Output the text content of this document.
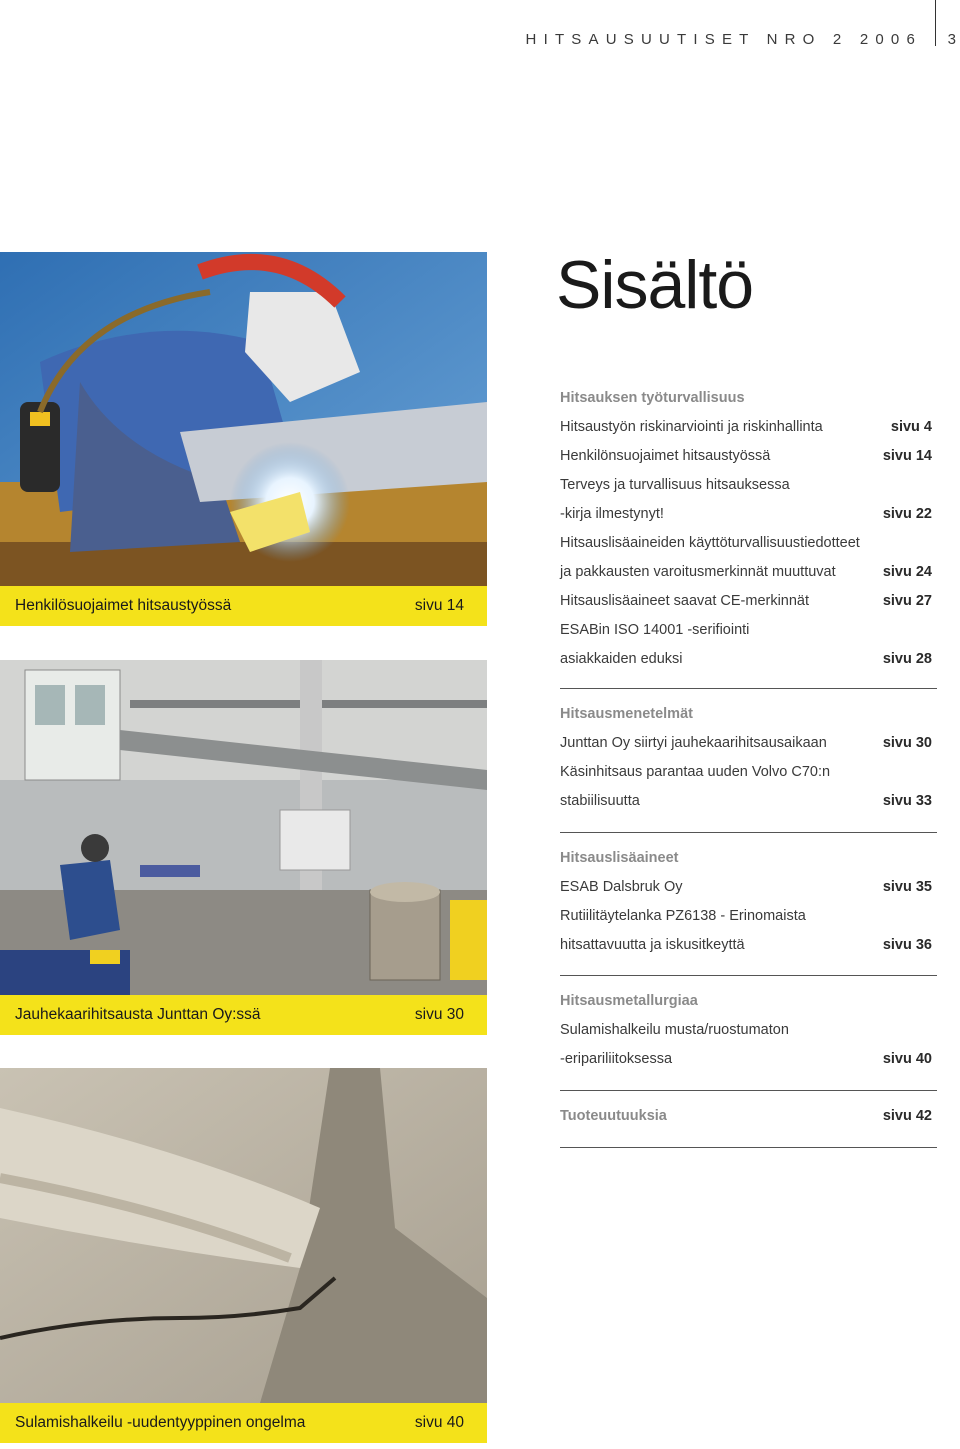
HITSAUSUUTISET NRO 2 2006 3
Henkilösuojaimet hitsaustyössä	sivu 14
Jauhekaarihitsausta Junttan Oy:ssä	sivu 30
Sulamishalkeilu -uudentyyppinen ongelma	sivu 40
Sisältö
Hitsauksen työturvallisuus
Hitsaustyön riskinarviointi ja riskinhallinta	sivu 4
Henkilönsuojaimet hitsaustyössä	sivu 14
Terveys ja turvallisuus hitsauksessa
-kirja ilmestynyt!	sivu 22
Hitsauslisäaineiden käyttöturvallisuustiedotteet
ja pakkausten varoitusmerkinnät muuttuvat	sivu 24
Hitsauslisäaineet saavat CE-merkinnät	sivu 27
ESABin ISO 14001 -serifiointi
asiakkaiden eduksi	sivu 28
Hitsausmenetelmät
Junttan Oy siirtyi jauhekaarihitsausaikaan	sivu 30
Käsinhitsaus parantaa uuden Volvo C70:n
stabiilisuutta	sivu 33
Hitsauslisäaineet
ESAB Dalsbruk Oy	sivu 35
Rutiilitäytelanka PZ6138 - Erinomaista
hitsattavuutta ja iskusitkeyttä	sivu 36
Hitsausmetallurgiaa
Sulamishalkeilu musta/ruostumaton
-eripariliitoksessa	sivu 40
Tuoteuutuuksia	sivu 42
